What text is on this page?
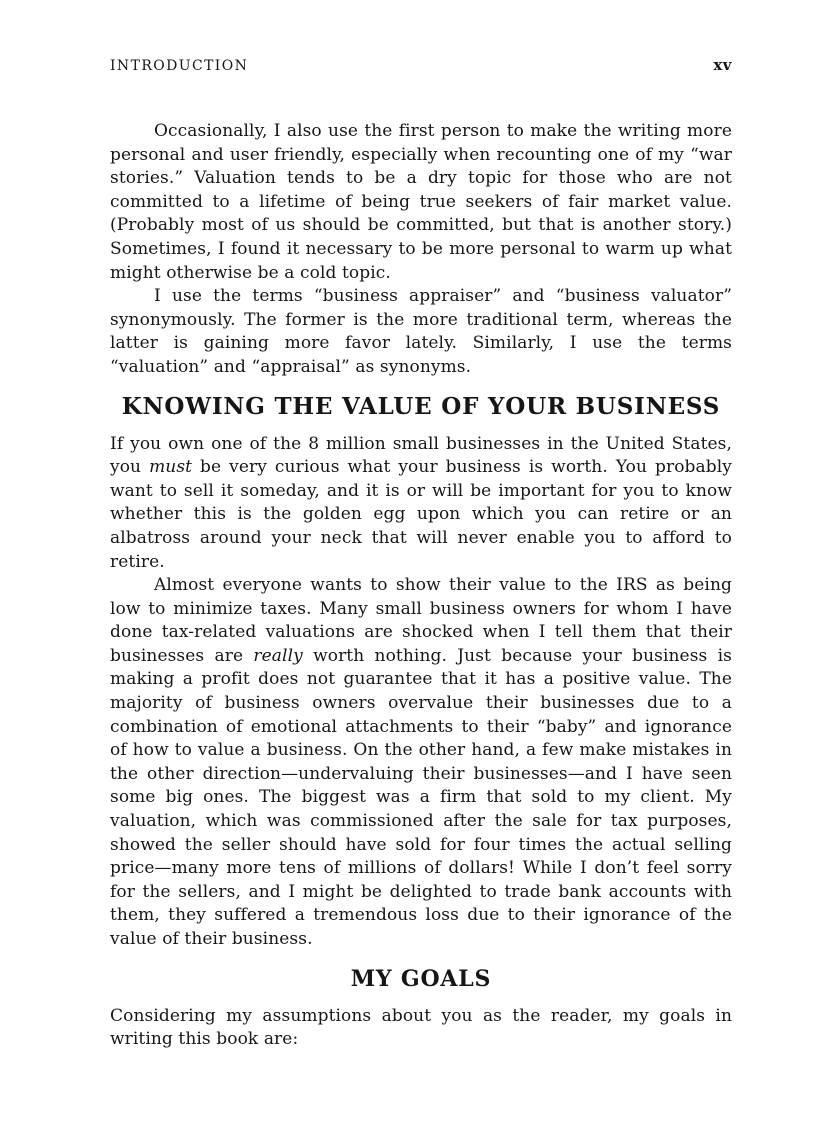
INTRODUCTION	xv

Occasionally, I also use the first person to make the writing more personal and user friendly, especially when recounting one of my “war stories.” Valuation tends to be a dry topic for those who are not committed to a lifetime of being true seekers of fair market value. (Probably most of us should be committed, but that is another story.) Sometimes, I found it necessary to be more personal to warm up what might otherwise be a cold topic.

I use the terms “business appraiser” and “business valuator” synonymously. The former is the more traditional term, whereas the latter is gaining more favor lately. Similarly, I use the terms “valuation” and “appraisal” as synonyms.

KNOWING THE VALUE OF YOUR BUSINESS

If you own one of the 8 million small businesses in the United States, you must be very curious what your business is worth. You probably want to sell it someday, and it is or will be important for you to know whether this is the golden egg upon which you can retire or an albatross around your neck that will never enable you to afford to retire.

Almost everyone wants to show their value to the IRS as being low to minimize taxes. Many small business owners for whom I have done tax-related valuations are shocked when I tell them that their businesses are really worth nothing. Just because your business is making a profit does not guarantee that it has a positive value. The majority of business owners overvalue their businesses due to a combination of emotional attachments to their “baby” and ignorance of how to value a business. On the other hand, a few make mistakes in the other direction—undervaluing their businesses—and I have seen some big ones. The biggest was a firm that sold to my client. My valuation, which was commissioned after the sale for tax purposes, showed the seller should have sold for four times the actual selling price—many more tens of millions of dollars! While I don’t feel sorry for the sellers, and I might be delighted to trade bank accounts with them, they suffered a tremendous loss due to their ignorance of the value of their business.

MY GOALS

Considering my assumptions about you as the reader, my goals in writing this book are:
